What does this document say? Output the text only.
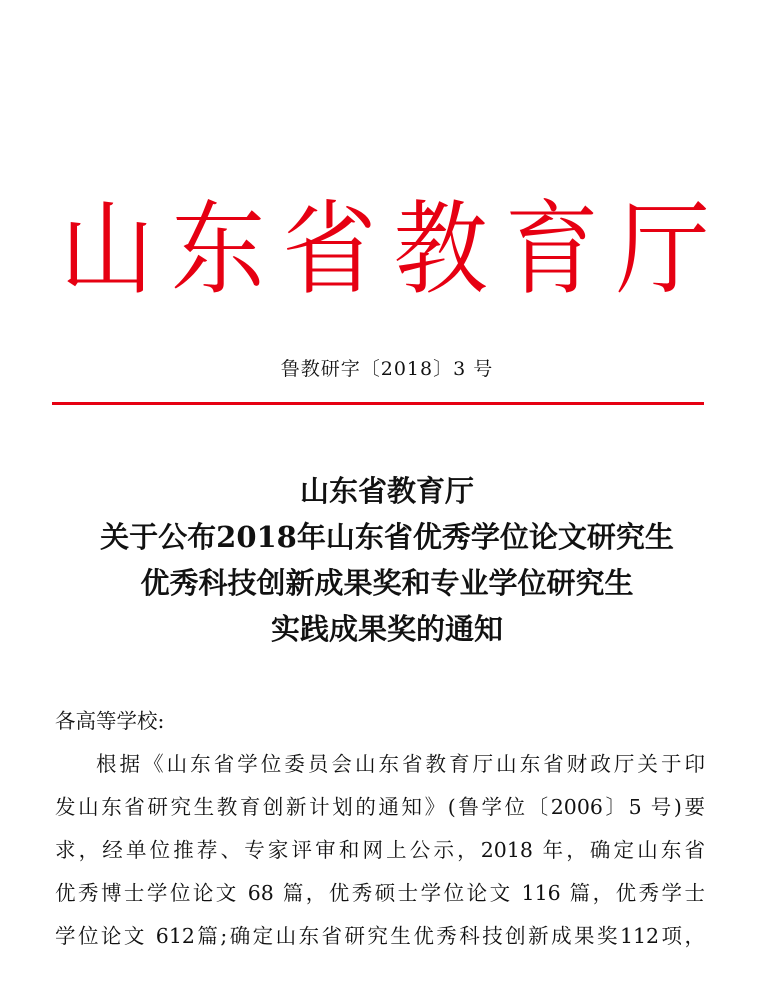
山 东 省 教 育 厅
鲁教研字〔2018〕3 号
山东省教育厅
关于公布2018年山东省优秀学位论文研究生
优秀科技创新成果奖和专业学位研究生
实践成果奖的通知
各高等学校:
根据《山东省学位委员会山东省教育厅山东省财政厅关于印
发山东省研究生教育创新计划的通知》(鲁学位〔2006〕5 号)要
求，经单位推荐、专家评审和网上公示，2018 年，确定山东省
优秀博士学位论文 68 篇，优秀硕士学位论文 116 篇，优秀学士
学位论文 612篇;确定山东省研究生优秀科技创新成果奖112项，
